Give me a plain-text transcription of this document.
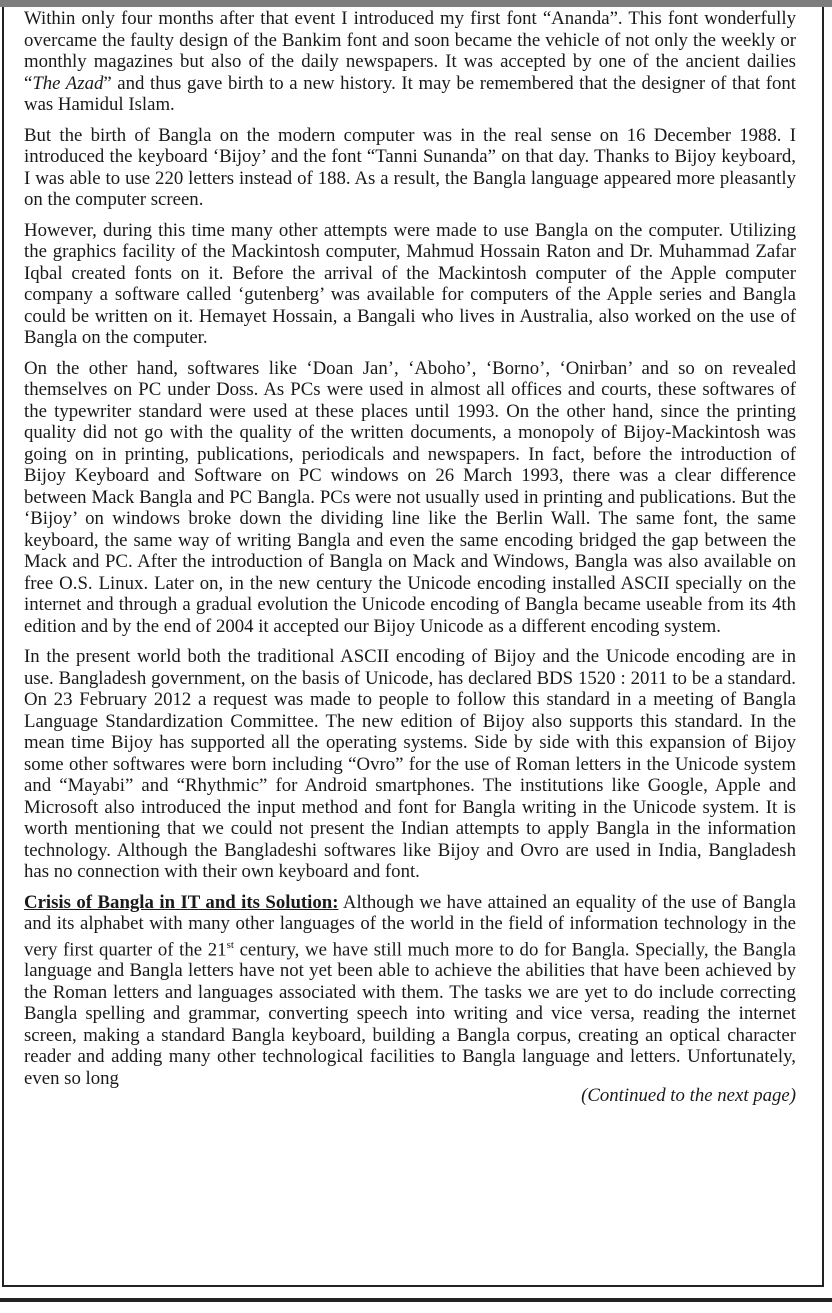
Within only four months after that event I introduced my first font “Ananda”. This font wonderfully overcame the faulty design of the Bankim font and soon became the vehicle of not only the weekly or monthly magazines but also of the daily newspapers. It was accepted by one of the ancient dailies “The Azad” and thus gave birth to a new history. It may be remembered that the designer of that font was Hamidul Islam.

But the birth of Bangla on the modern computer was in the real sense on 16 December 1988. I introduced the keyboard ‘Bijoy’ and the font “Tanni Sunanda” on that day. Thanks to Bijoy keyboard, I was able to use 220 letters instead of 188. As a result, the Bangla language appeared more pleasantly on the computer screen.

However, during this time many other attempts were made to use Bangla on the computer. Utilizing the graphics facility of the Mackintosh computer, Mahmud Hossain Raton and Dr. Muhammad Zafar Iqbal created fonts on it. Before the arrival of the Mackintosh computer of the Apple computer company a software called ‘gutenberg’ was available for computers of the Apple series and Bangla could be written on it. Hemayet Hossain, a Bangali who lives in Australia, also worked on the use of Bangla on the computer.

On the other hand, softwares like ‘Doan Jan’, ‘Aboho’, ‘Borno’, ‘Onirban’ and so on revealed themselves on PC under Doss. As PCs were used in almost all offices and courts, these softwares of the typewriter standard were used at these places until 1993. On the other hand, since the printing quality did not go with the quality of the written documents, a monopoly of Bijoy-Mackintosh was going on in printing, publications, periodicals and newspapers. In fact, before the introduction of Bijoy Keyboard and Software on PC windows on 26 March 1993, there was a clear difference between Mack Bangla and PC Bangla. PCs were not usually used in printing and publications. But the ‘Bijoy’ on windows broke down the dividing line like the Berlin Wall. The same font, the same keyboard, the same way of writing Bangla and even the same encoding bridged the gap between the Mack and PC. After the introduction of Bangla on Mack and Windows, Bangla was also available on free O.S. Linux. Later on, in the new century the Unicode encoding installed ASCII specially on the internet and through a gradual evolution the Unicode encoding of Bangla became useable from its 4th edition and by the end of 2004 it accepted our Bijoy Unicode as a different encoding system.

In the present world both the traditional ASCII encoding of Bijoy and the Unicode encoding are in use. Bangladesh government, on the basis of Unicode, has declared BDS 1520 : 2011 to be a standard. On 23 February 2012 a request was made to people to follow this standard in a meeting of Bangla Language Standardization Committee. The new edition of Bijoy also supports this standard. In the mean time Bijoy has supported all the operating systems. Side by side with this expansion of Bijoy some other softwares were born including “Ovro” for the use of Roman letters in the Unicode system and “Mayabi” and “Rhythmic” for Android smartphones. The institutions like Google, Apple and Microsoft also introduced the input method and font for Bangla writing in the Unicode system. It is worth mentioning that we could not present the Indian attempts to apply Bangla in the information technology. Although the Bangladeshi softwares like Bijoy and Ovro are used in India, Bangladesh has no connection with their own keyboard and font.

Crisis of Bangla in IT and its Solution: Although we have attained an equality of the use of Bangla and its alphabet with many other languages of the world in the field of information technology in the very first quarter of the 21st century, we have still much more to do for Bangla. Specially, the Bangla language and Bangla letters have not yet been able to achieve the abilities that have been achieved by the Roman letters and languages associated with them. The tasks we are yet to do include correcting Bangla spelling and grammar, converting speech into writing and vice versa, reading the internet screen, making a standard Bangla keyboard, building a Bangla corpus, creating an optical character reader and adding many other technological facilities to Bangla language and letters. Unfortunately, even so long

(Continued to the next page)
